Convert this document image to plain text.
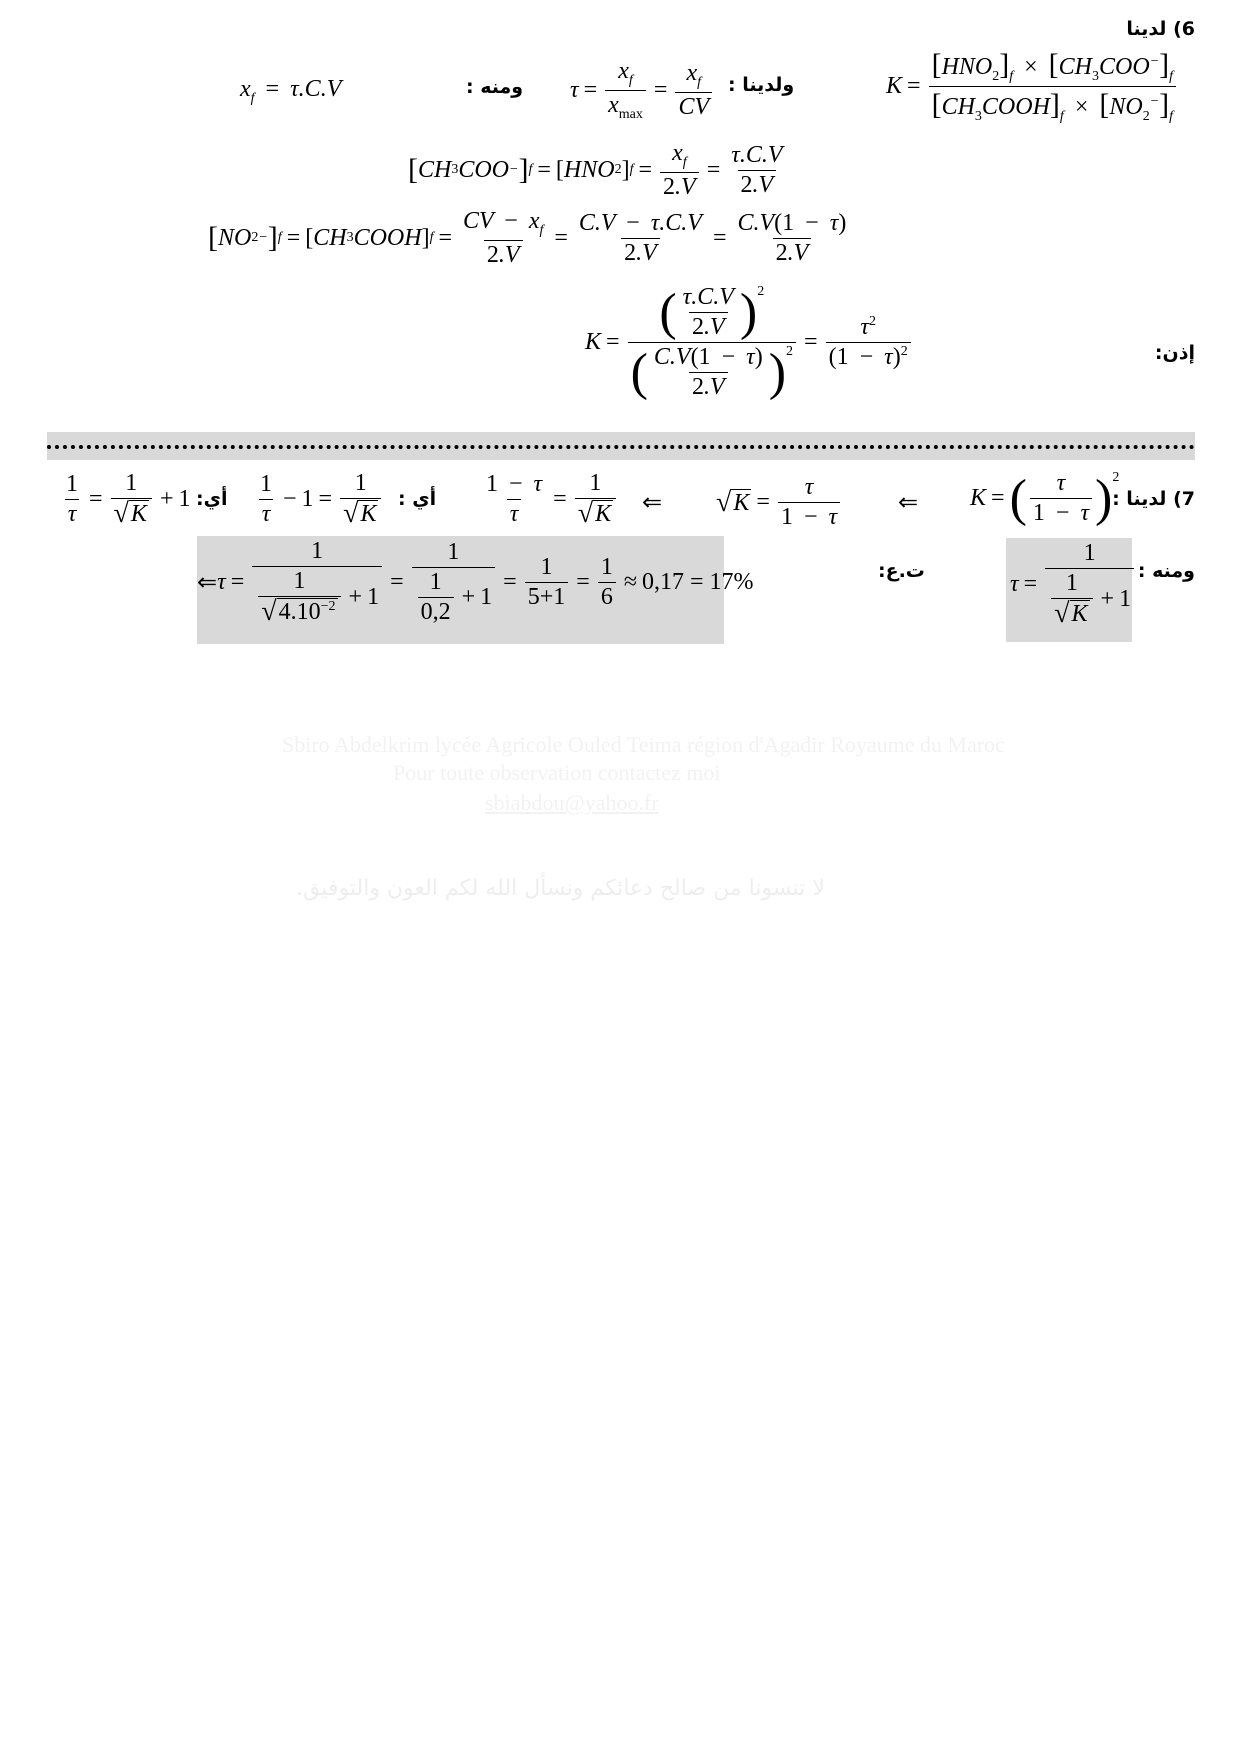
6) لدينا
$K = \frac{[HNO_2]_f \times [CH_3COO^-]_f}{[CH_3COOH]_f \times [NO_2^-]_f}$
ولدينا :
$\tau = \frac{x_f}{x_{max}} = \frac{x_f}{CV}$
ومنه :
$x_f = \tau.C.V$
[ CH 3 COO − ] f = [ HNO 2 ] $f = \frac{x_f}{2.V} = \frac{\tau.C.V}{2.V}$
[ NO 2 − ] f = [ CH 3 COOH ] $f = \frac{CV - x_f}{2.V} = \frac{C.V - \tau.C.V}{2.V} = \frac{C.V(1 - \tau)}{2.V}$
إذن:
$K = \frac{( \frac{\tau.C.V}{2.V} )^2}{( \frac{C.V(1 - \tau)}{2.V} )^2} = \frac{\tau^2}{(1 - \tau)^2}$
7) لدينا :
K = ( $\frac{\tau}{1 - \tau} )^2$
⇐
√ $K = \frac{\tau}{1 - \tau}$
⇐
$\frac{1 - \tau}{\tau} = \frac{1}{√ K}$
أي :
$\frac{1}{\tau} - 1 = \frac{1}{√ K}$
أي:
$\frac{1}{\tau} = \frac{1}{√ K} + 1$
ومنه :
$\tau = \frac{1}{\frac{1}{√ K} + 1}$
ت.ع:
⇐ $\tau = \frac{1}{\frac{1}{√ 4.10^{-2}} + 1} = \frac{1}{\frac{1}{0,2} + 1} = \frac{1}{5+1} = \frac{1}{6} \approx 0,17 = 17\%$
Sbiro Abdelkrim lycée Agricole Ouled Teima région d'Agadir Royaume du Maroc
Pour toute observation contactez moi
sbiabdou@yahoo.fr
لا تنسونا من صالح دعائكم ونسأل الله لكم العون والتوفيق.
